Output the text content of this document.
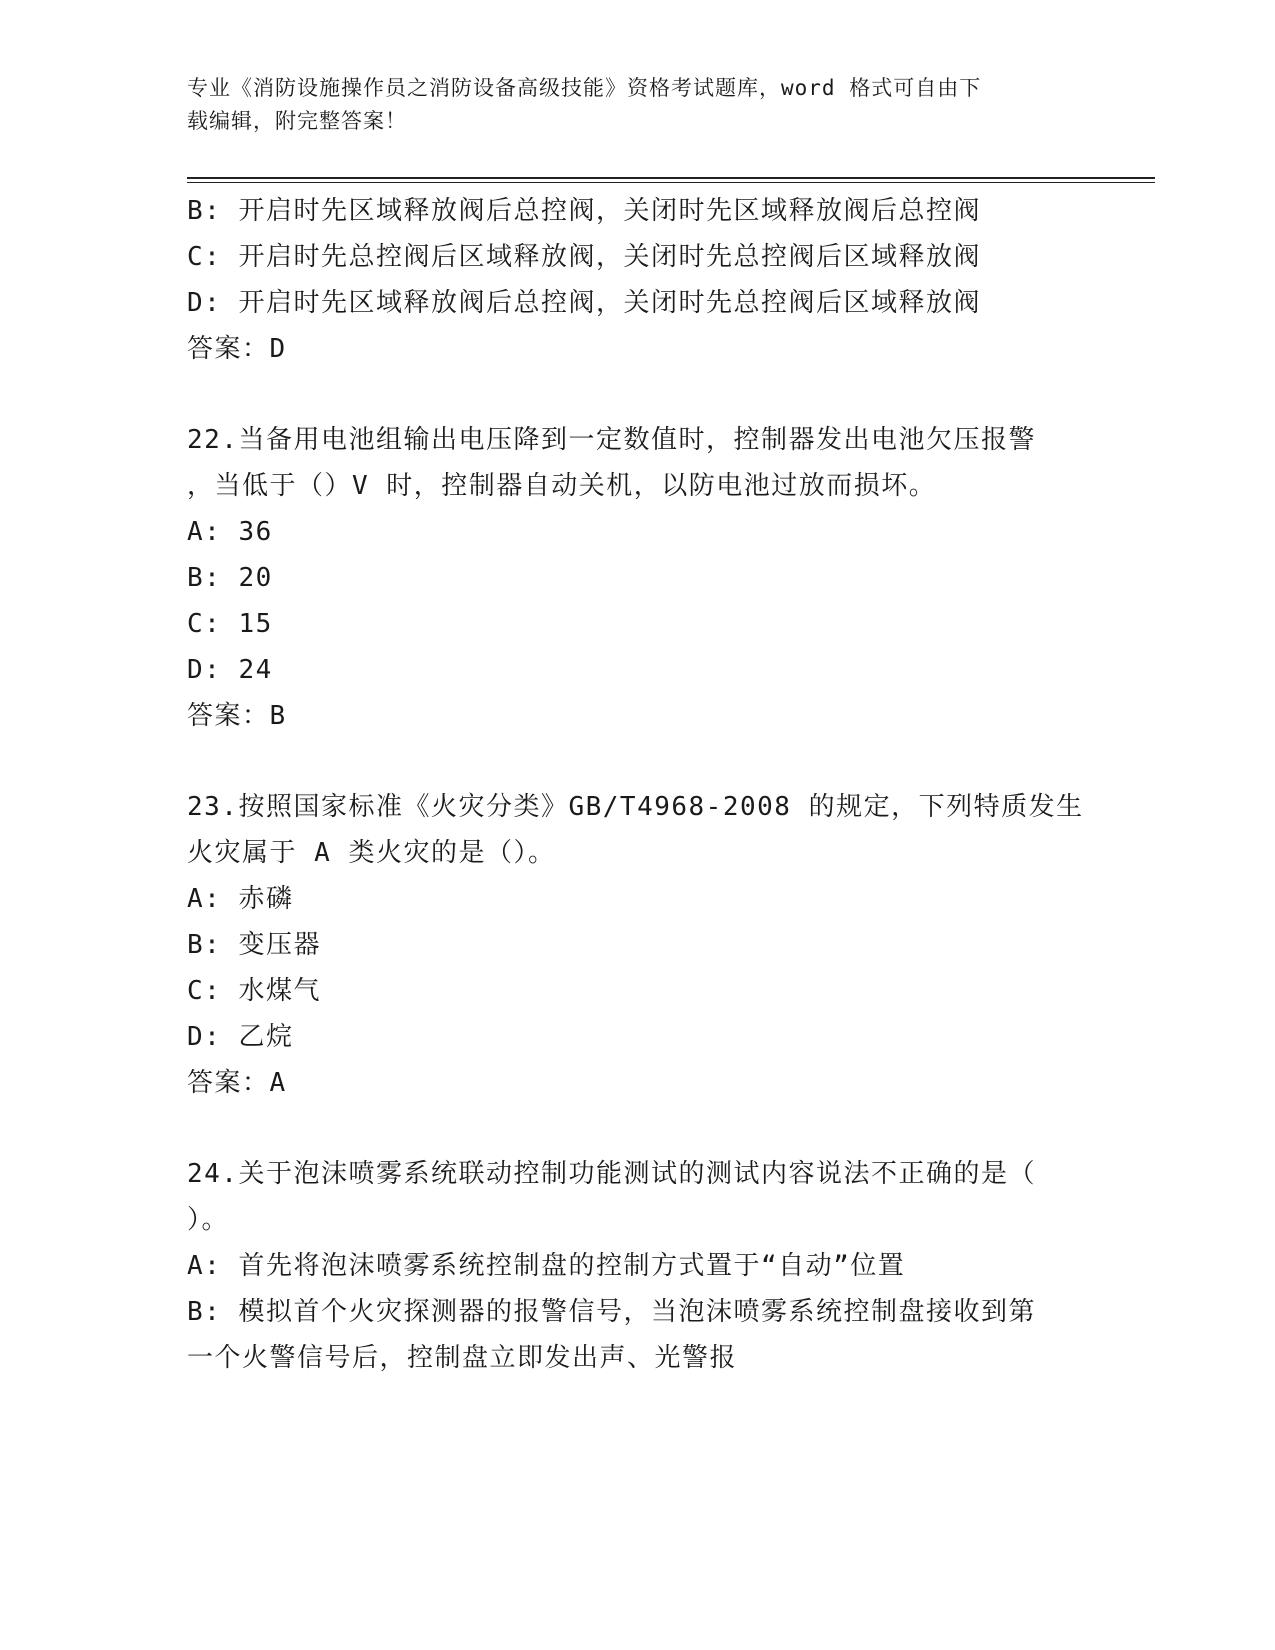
专业《消防设施操作员之消防设备高级技能》资格考试题库，word 格式可自由下
载编辑，附完整答案！
B: 开启时先区域释放阀后总控阀，关闭时先区域释放阀后总控阀
C: 开启时先总控阀后区域释放阀，关闭时先总控阀后区域释放阀
D: 开启时先区域释放阀后总控阀，关闭时先总控阀后区域释放阀
答案：D
22.当备用电池组输出电压降到一定数值时，控制器发出电池欠压报警
，当低于（）V 时，控制器自动关机，以防电池过放而损坏。
A: 36
B: 20
C: 15
D: 24
答案：B
23.按照国家标准《火灾分类》GB/T4968-2008 的规定，下列特质发生
火灾属于 A 类火灾的是（）。
A: 赤磷
B: 变压器
C: 水煤气
D: 乙烷
答案：A
24.关于泡沫喷雾系统联动控制功能测试的测试内容说法不正确的是（
）。
A: 首先将泡沫喷雾系统控制盘的控制方式置于“自动”位置
B: 模拟首个火灾探测器的报警信号，当泡沫喷雾系统控制盘接收到第
一个火警信号后，控制盘立即发出声、光警报
